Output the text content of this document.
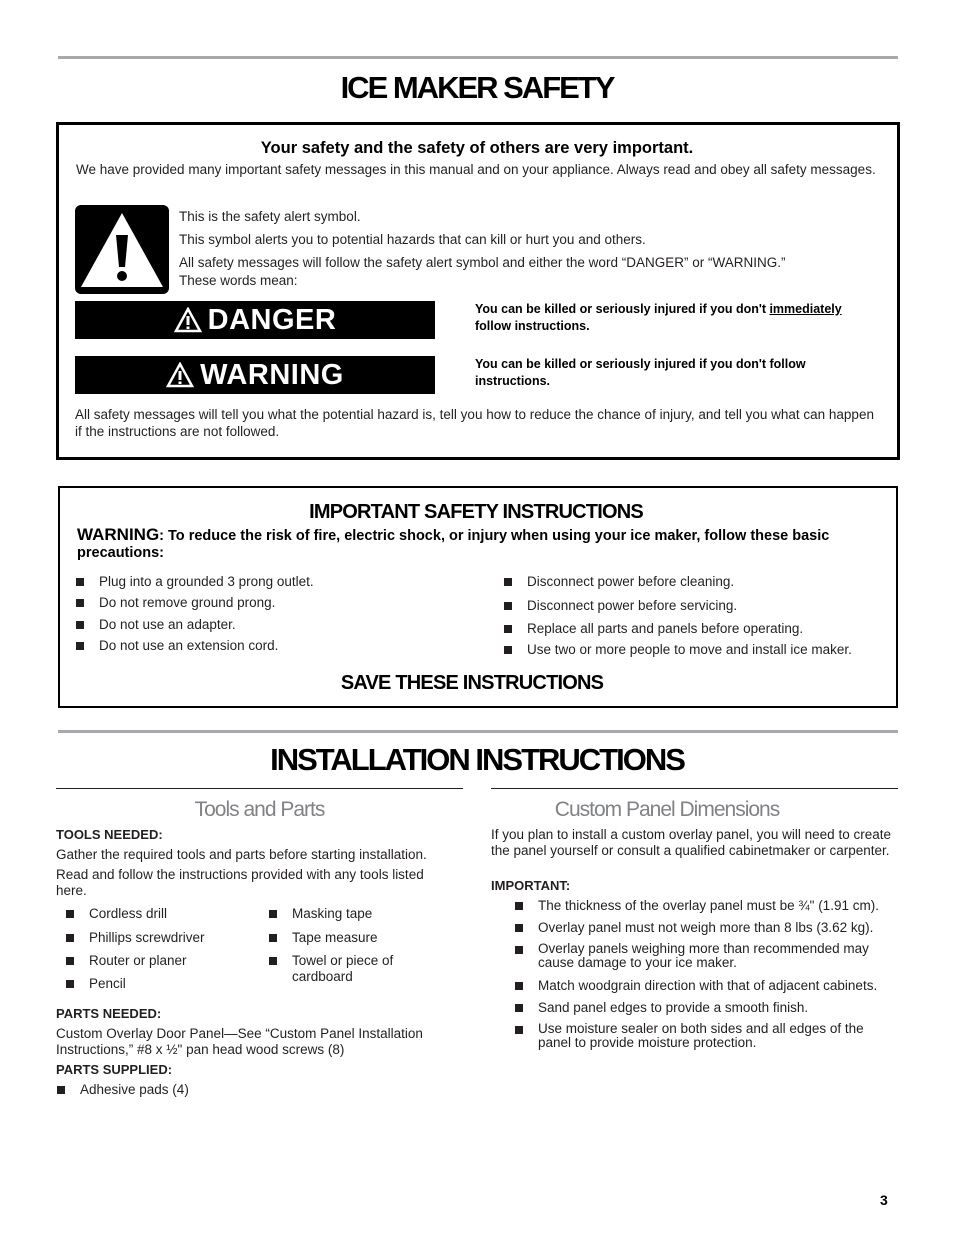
ICE MAKER SAFETY
Your safety and the safety of others are very important.
We have provided many important safety messages in this manual and on your appliance. Always read and obey all safety messages.
This is the safety alert symbol.
This symbol alerts you to potential hazards that can kill or hurt you and others.
All safety messages will follow the safety alert symbol and either the word “DANGER” or “WARNING.”
These words mean:
DANGER	You can be killed or seriously injured if you don't immediately
follow instructions.
WARNING	You can be killed or seriously injured if you don't follow
instructions.
All safety messages will tell you what the potential hazard is, tell you how to reduce the chance of injury, and tell you what can happen if the instructions are not followed.
IMPORTANT SAFETY INSTRUCTIONS
WARNING: To reduce the risk of fire, electric shock, or injury when using your ice maker, follow these basic precautions:
Plug into a grounded 3 prong outlet.
Do not remove ground prong.
Do not use an adapter.
Do not use an extension cord.
Disconnect power before cleaning.
Disconnect power before servicing.
Replace all parts and panels before operating.
Use two or more people to move and install ice maker.
SAVE THESE INSTRUCTIONS
INSTALLATION INSTRUCTIONS
Tools and Parts
TOOLS NEEDED:
Gather the required tools and parts before starting installation.
Read and follow the instructions provided with any tools listed here.
Cordless drill
Phillips screwdriver
Router or planer
Pencil
Masking tape
Tape measure
Towel or piece of cardboard
PARTS NEEDED:
Custom Overlay Door Panel—See “Custom Panel Installation Instructions,” #8 x ½" pan head wood screws (8)
PARTS SUPPLIED:
Adhesive pads (4)
Custom Panel Dimensions
If you plan to install a custom overlay panel, you will need to create the panel yourself or consult a qualified cabinetmaker or carpenter.
IMPORTANT:
The thickness of the overlay panel must be ¾" (1.91 cm).
Overlay panel must not weigh more than 8 lbs (3.62 kg).
Overlay panels weighing more than recommended may cause damage to your ice maker.
Match woodgrain direction with that of adjacent cabinets.
Sand panel edges to provide a smooth finish.
Use moisture sealer on both sides and all edges of the panel to provide moisture protection.
3
